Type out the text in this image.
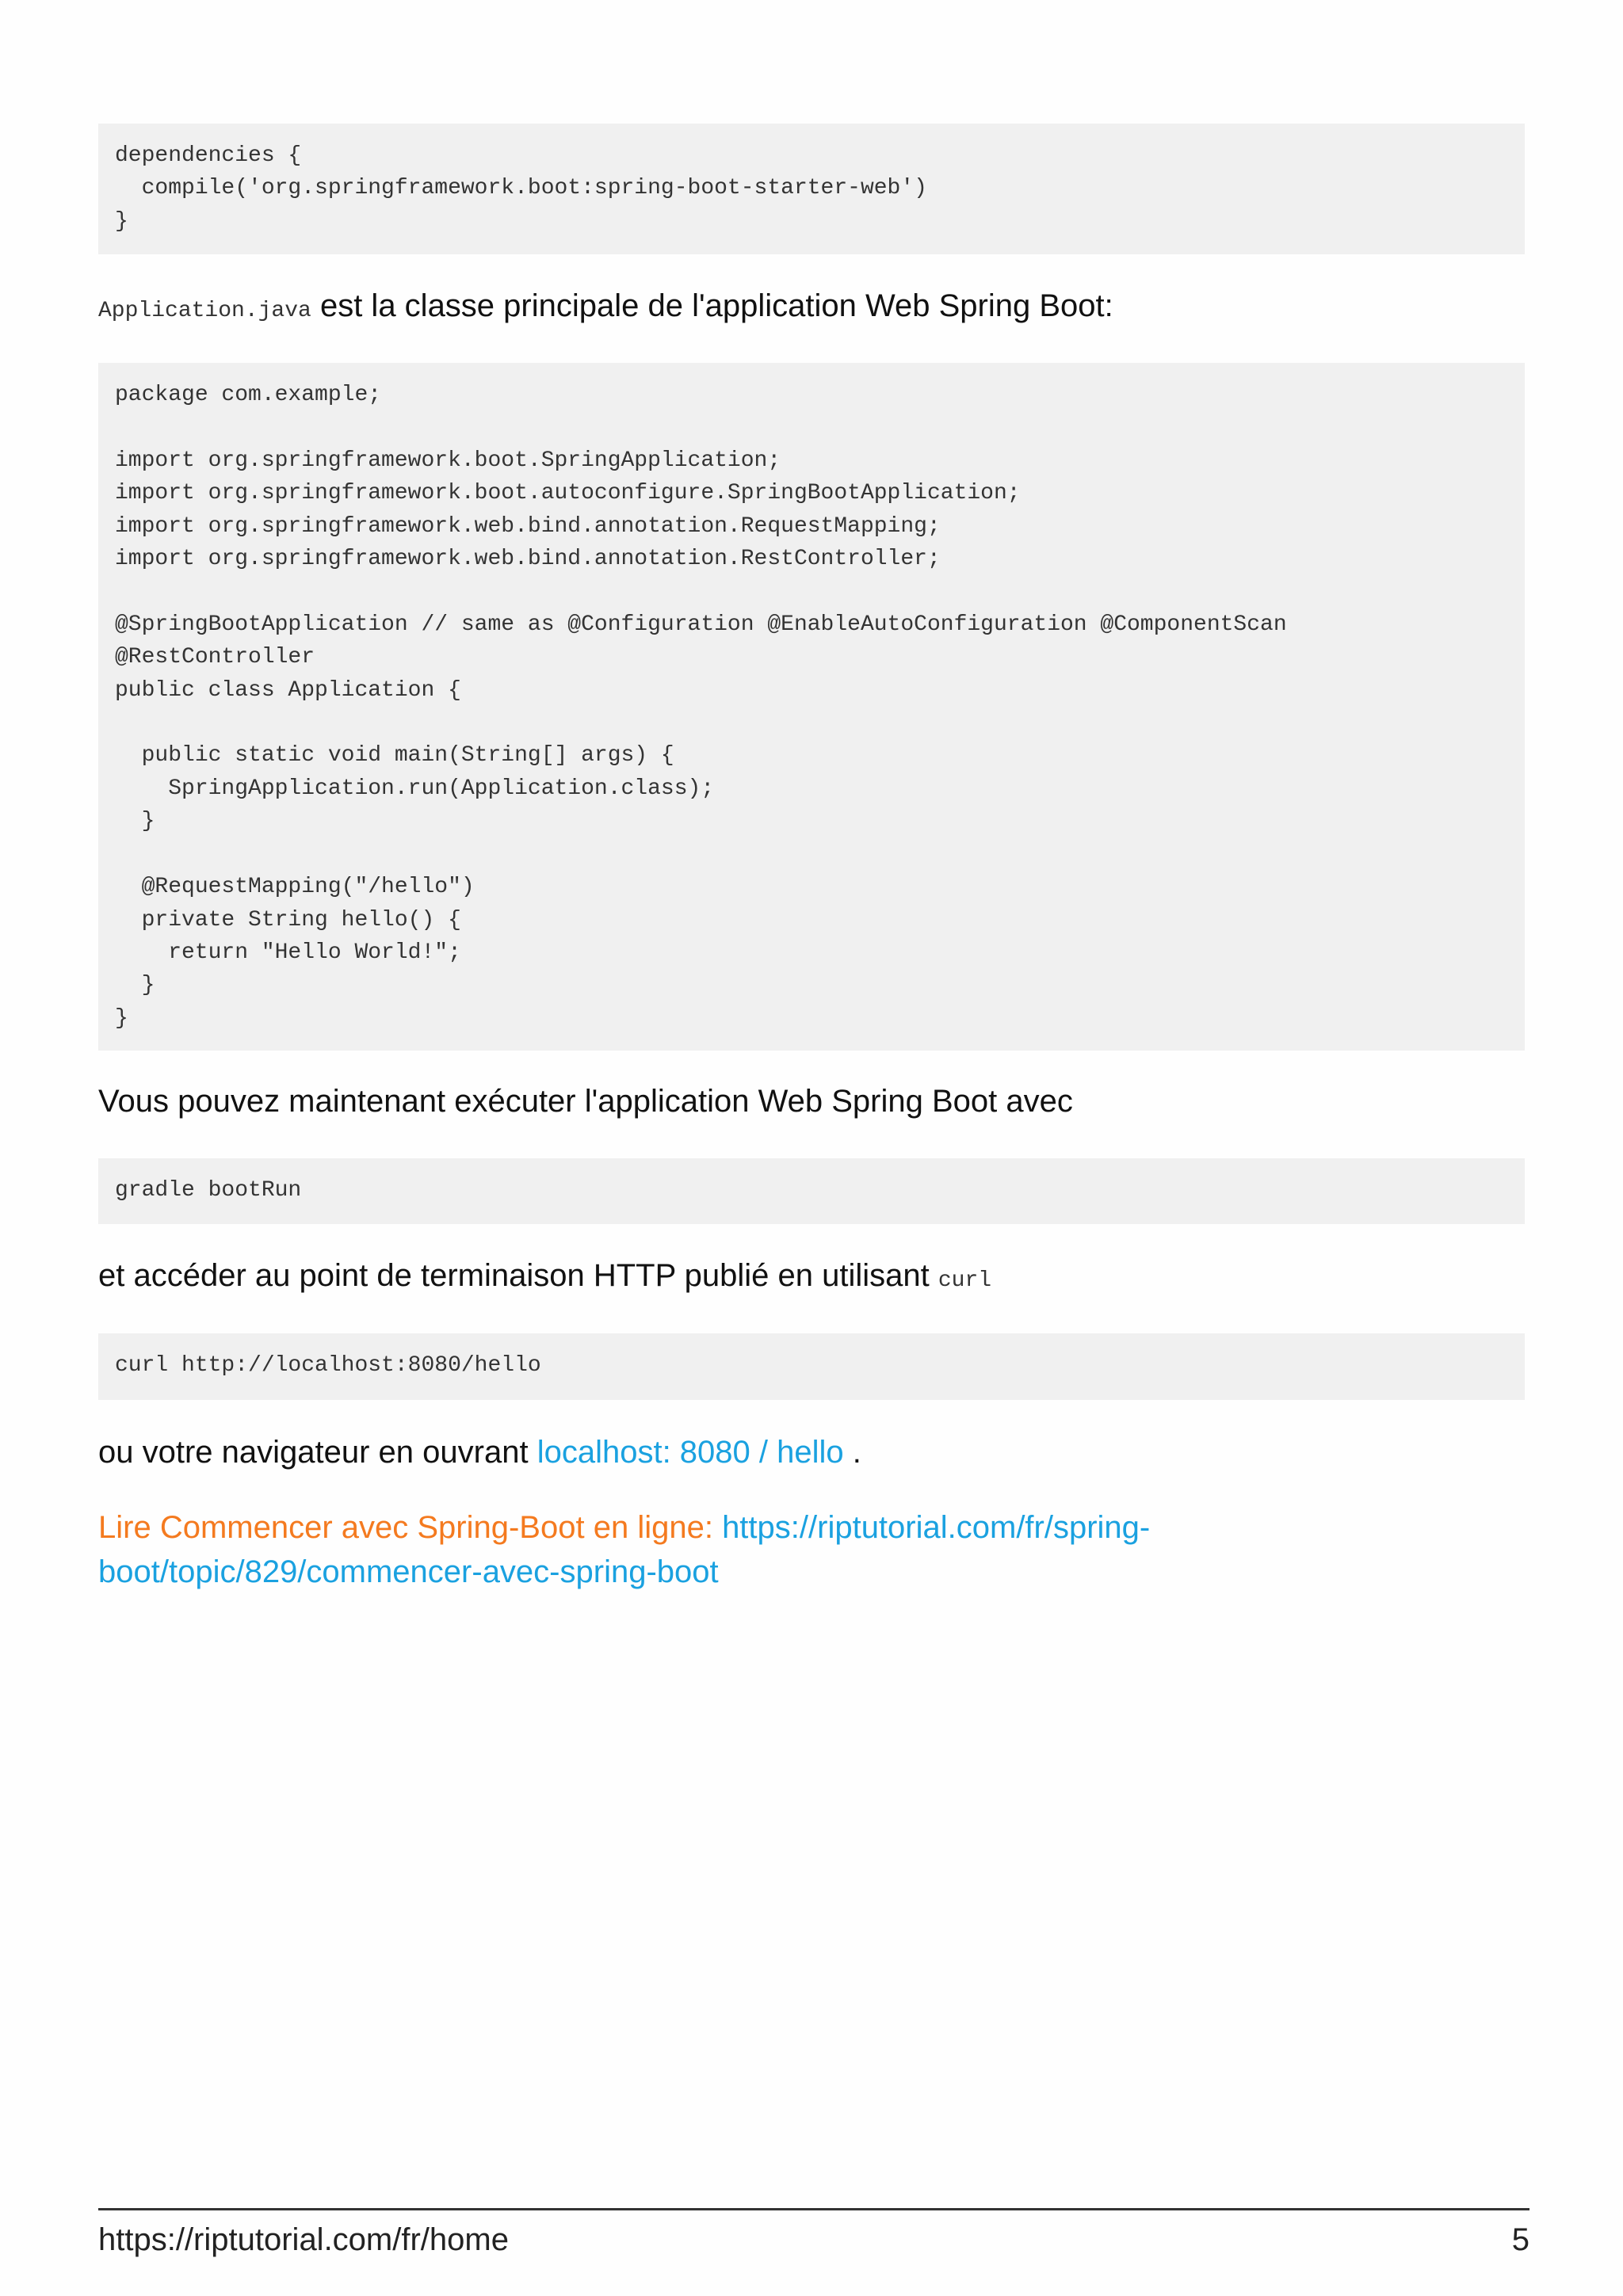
dependencies {
compile('org.springframework.boot:spring-boot-starter-web')
}

Application.java est la classe principale de l'application Web Spring Boot:

package com.example;

import org.springframework.boot.SpringApplication;
import org.springframework.boot.autoconfigure.SpringBootApplication;
import org.springframework.web.bind.annotation.RequestMapping;
import org.springframework.web.bind.annotation.RestController;

@SpringBootApplication // same as @Configuration @EnableAutoConfiguration @ComponentScan
@RestController
public class Application {

public static void main(String[] args) {
SpringApplication.run(Application.class);
}

@RequestMapping("/hello")
private String hello() {
return "Hello World!";
}
}

Vous pouvez maintenant exécuter l'application Web Spring Boot avec

gradle bootRun

et accéder au point de terminaison HTTP publié en utilisant curl

curl http://localhost:8080/hello

ou votre navigateur en ouvrant localhost: 8080 / hello .

Lire Commencer avec Spring-Boot en ligne: https://riptutorial.com/fr/spring-boot/topic/829/commencer-avec-spring-boot

https://riptutorial.com/fr/home	5
